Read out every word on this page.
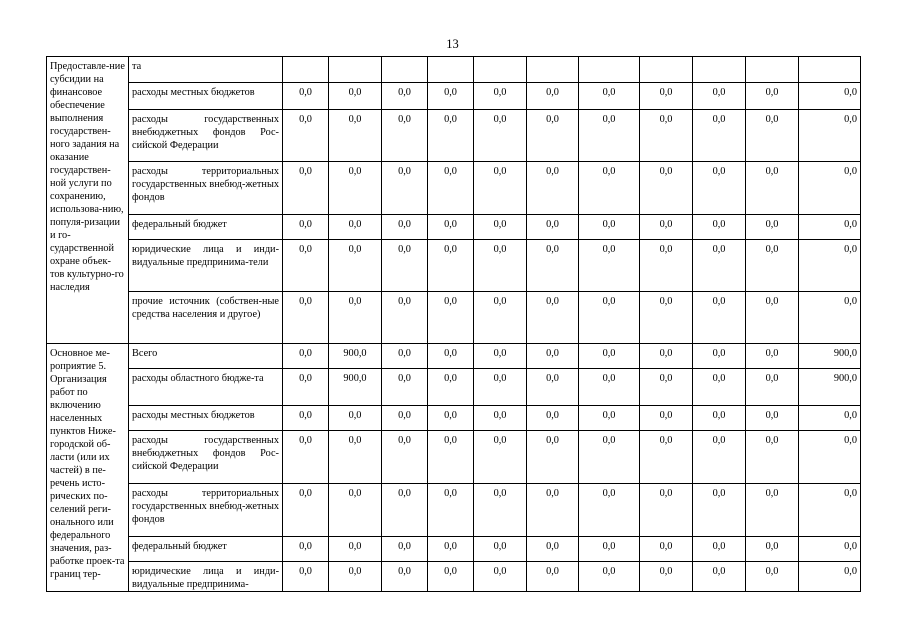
13
Предоставле-ние субсидии на финансовое обеспечение выполнения государствен-ного задания на оказание государствен-ной услуги по сохранению, использова-нию, популя-ризации и го-сударственной охране объек-тов культурно-го наследия	та											
	расходы местных бюджетов	0,0	0,0	0,0	0,0	0,0	0,0	0,0	0,0	0,0	0,0	0,0
	расходы государственных внебюджетных фондов Рос-сийской Федерации	0,0	0,0	0,0	0,0	0,0	0,0	0,0	0,0	0,0	0,0	0,0
	расходы территориальных государственных внебюд-жетных фондов	0,0	0,0	0,0	0,0	0,0	0,0	0,0	0,0	0,0	0,0	0,0
	федеральный бюджет	0,0	0,0	0,0	0,0	0,0	0,0	0,0	0,0	0,0	0,0	0,0
	юридические лица и инди-видуальные предпринима-тели	0,0	0,0	0,0	0,0	0,0	0,0	0,0	0,0	0,0	0,0	0,0
	прочие источник (собствен-ные средства населения и другое)	0,0	0,0	0,0	0,0	0,0	0,0	0,0	0,0	0,0	0,0	0,0
Основное ме-роприятие 5. Организация работ по включению населенных пунктов Ниже-городской об-ласти (или их частей) в пе-речень исто-рических по-селений реги-онального или федерального значения, раз-работке проек-та границ тер-	Всего	0,0	900,0	0,0	0,0	0,0	0,0	0,0	0,0	0,0	0,0	900,0
	расходы областного бюдже-та	0,0	900,0	0,0	0,0	0,0	0,0	0,0	0,0	0,0	0,0	900,0
	расходы местных бюджетов	0,0	0,0	0,0	0,0	0,0	0,0	0,0	0,0	0,0	0,0	0,0
	расходы государственных внебюджетных фондов Рос-сийской Федерации	0,0	0,0	0,0	0,0	0,0	0,0	0,0	0,0	0,0	0,0	0,0
	расходы территориальных государственных внебюд-жетных фондов	0,0	0,0	0,0	0,0	0,0	0,0	0,0	0,0	0,0	0,0	0,0
	федеральный бюджет	0,0	0,0	0,0	0,0	0,0	0,0	0,0	0,0	0,0	0,0	0,0
	юридические лица и инди-видуальные предпринима-	0,0	0,0	0,0	0,0	0,0	0,0	0,0	0,0	0,0	0,0	0,0
